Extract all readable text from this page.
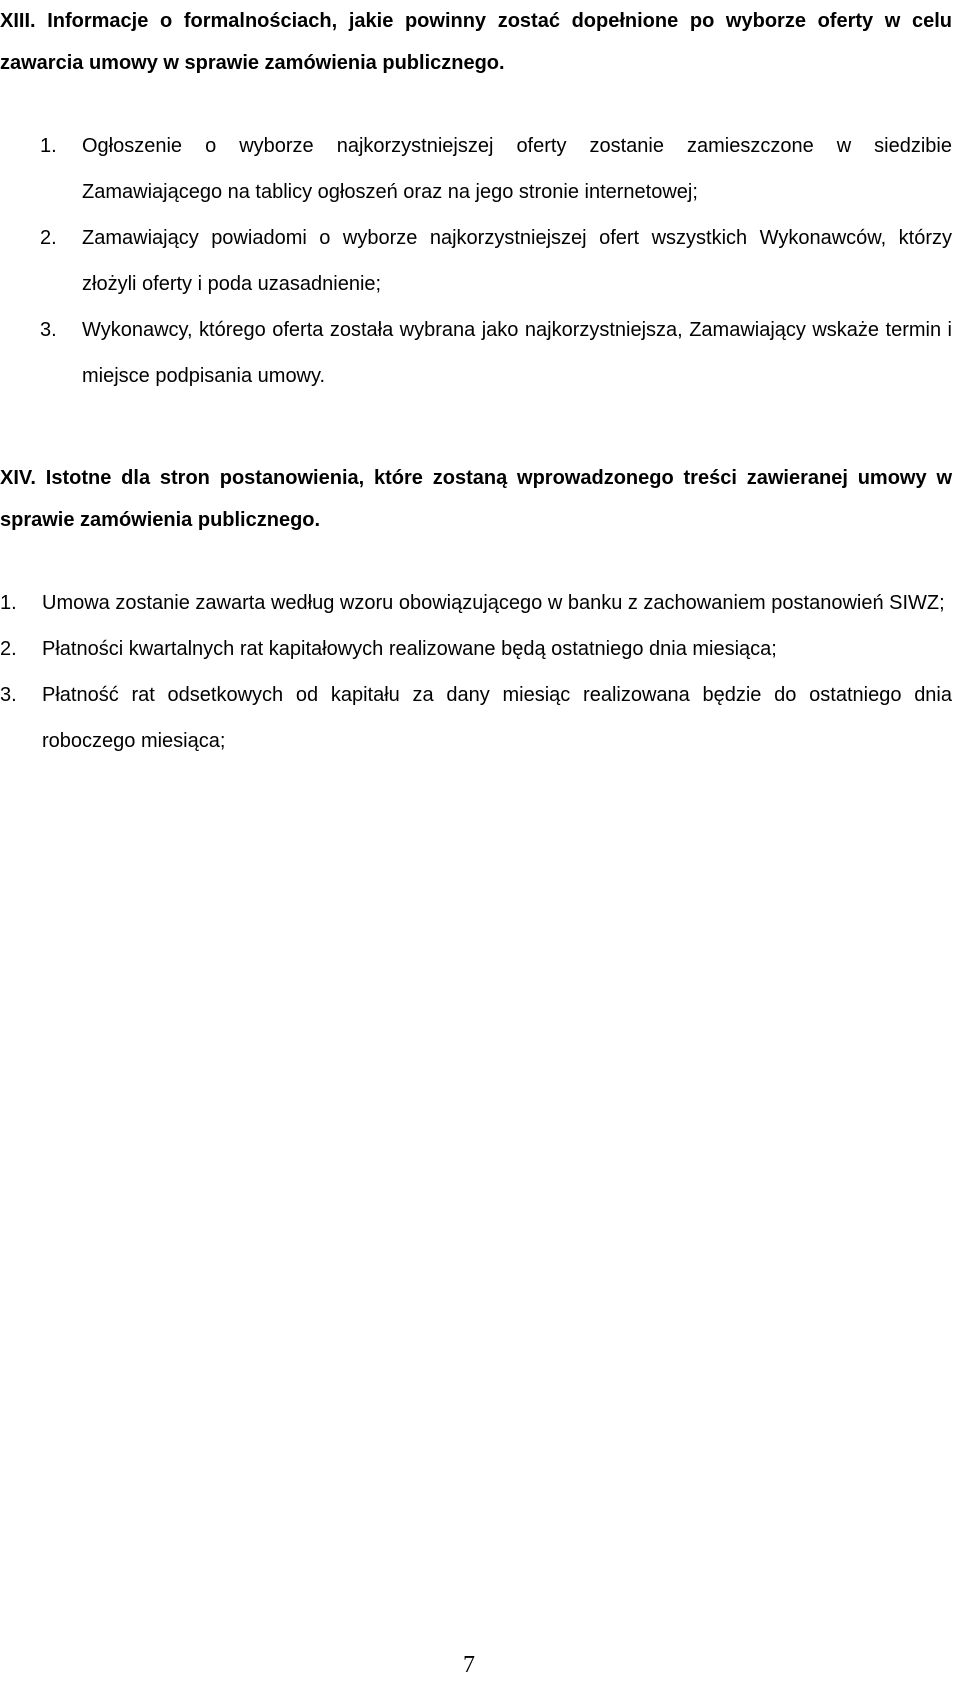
XIII. Informacje o formalnościach, jakie powinny zostać dopełnione po wyborze oferty w celu zawarcia umowy w sprawie zamówienia publicznego.

1. Ogłoszenie o wyborze najkorzystniejszej oferty zostanie zamieszczone w siedzibie Zamawiającego na tablicy ogłoszeń oraz na jego stronie internetowej;
2. Zamawiający powiadomi o wyborze najkorzystniejszej ofert wszystkich Wykonawców, którzy złożyli oferty i poda uzasadnienie;
3. Wykonawcy, którego oferta została wybrana jako najkorzystniejsza, Zamawiający wskaże termin i miejsce podpisania umowy.

XIV. Istotne dla stron postanowienia, które zostaną wprowadzonego treści zawieranej umowy w sprawie zamówienia publicznego.

1. Umowa zostanie zawarta według wzoru obowiązującego w banku z zachowaniem postanowień SIWZ;
2. Płatności kwartalnych rat kapitałowych realizowane będą ostatniego dnia miesiąca;
3. Płatność rat odsetkowych od kapitału za dany miesiąc realizowana będzie do ostatniego dnia roboczego miesiąca;
7
